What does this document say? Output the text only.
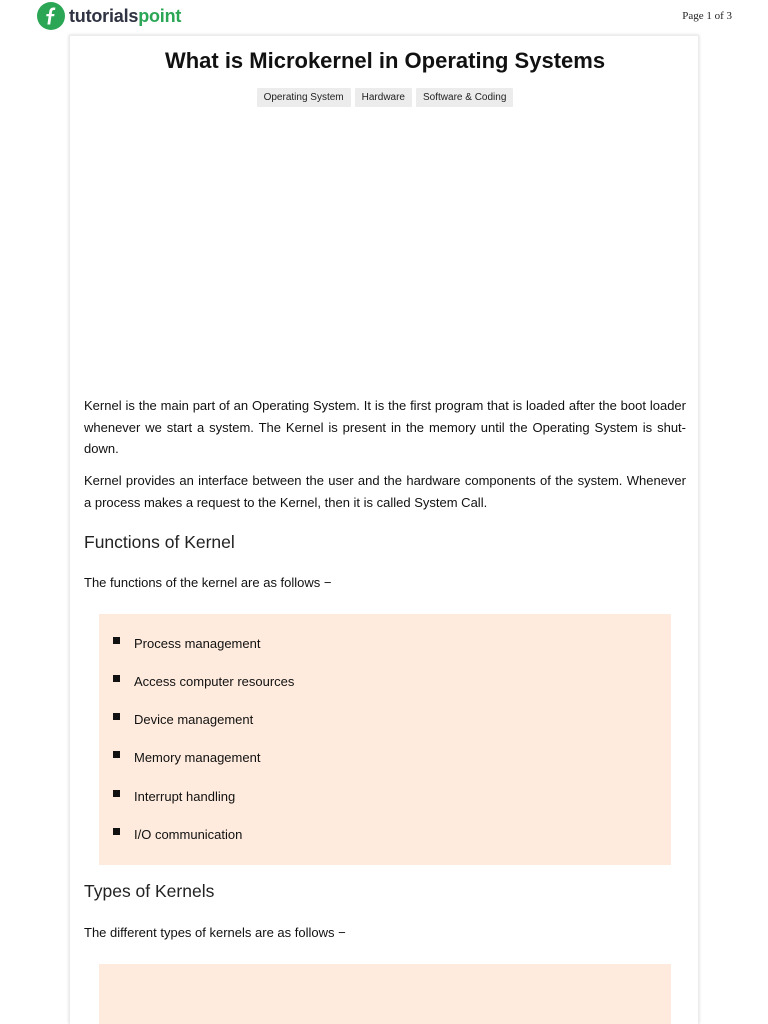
tutorialspoint	Page 1 of 3
What is Microkernel in Operating Systems
Operating System	Hardware	Software & Coding

Kernel is the main part of an Operating System. It is the first program that is loaded after the boot loader whenever we start a system. The Kernel is present in the memory until the Operating System is shut-down.

Kernel provides an interface between the user and the hardware components of the system. Whenever a process makes a request to the Kernel, then it is called System Call.

Functions of Kernel

The functions of the kernel are as follows −

Process management
Access computer resources
Device management
Memory management
Interrupt handling
I/O communication
Types of Kernels

The different types of kernels are as follows −
